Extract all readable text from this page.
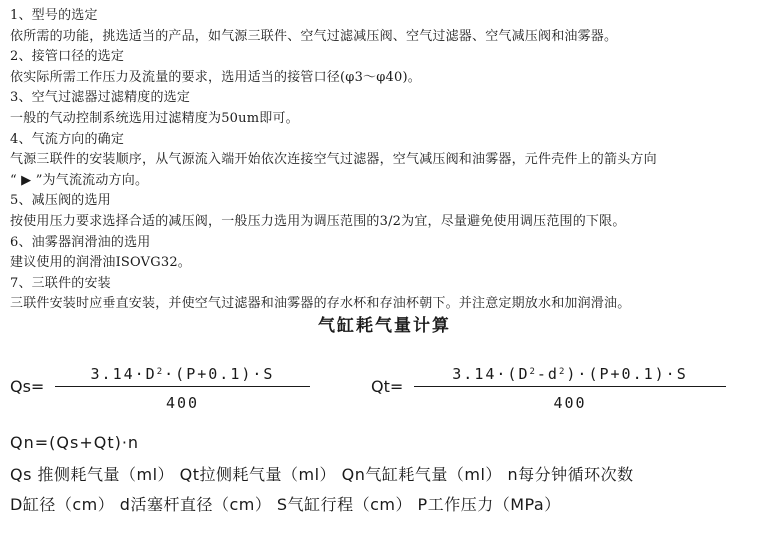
1、型号的选定
依所需的功能，挑选适当的产品，如气源三联件、空气过滤减压阀、空气过滤器、空气减压阀和油雾器。
2、接管口径的选定
依实际所需工作压力及流量的要求，选用适当的接管口径(φ3～φ40)。
3、空气过滤器过滤精度的选定
一般的气动控制系统选用过滤精度为50um即可。
4、气流方向的确定
气源三联件的安装顺序，从气源流入端开始依次连接空气过滤器，空气减压阀和油雾器，元件壳件上的箭头方向
“ ▶ ”为气流流动方向。
5、减压阀的选用
按使用压力要求选择合适的减压阀，一般压力选用为调压范围的3/2为宜，尽量避免使用调压范围的下限。
6、油雾器润滑油的选用
建议使用的润滑油ISOVG32。
7、三联件的安装
三联件安装时应垂直安装，并使空气过滤器和油雾器的存水杯和存油杯朝下。并注意定期放水和加润滑油。
气缸耗气量计算
Qs=
$3.14\cdot D^2\cdot(P+0.1)\cdot S$
400
Qt=
$3.14\cdot(D^2-d^2)\cdot(P+0.1)\cdot S$
400
Qn=(Qs+Qt)·n
Qs 推侧耗气量（ml） Qt拉侧耗气量（ml） Qn气缸耗气量（ml） n每分钟循环次数
D缸径（cm） d活塞杆直径（cm） S气缸行程（cm） P工作压力（MPa）
